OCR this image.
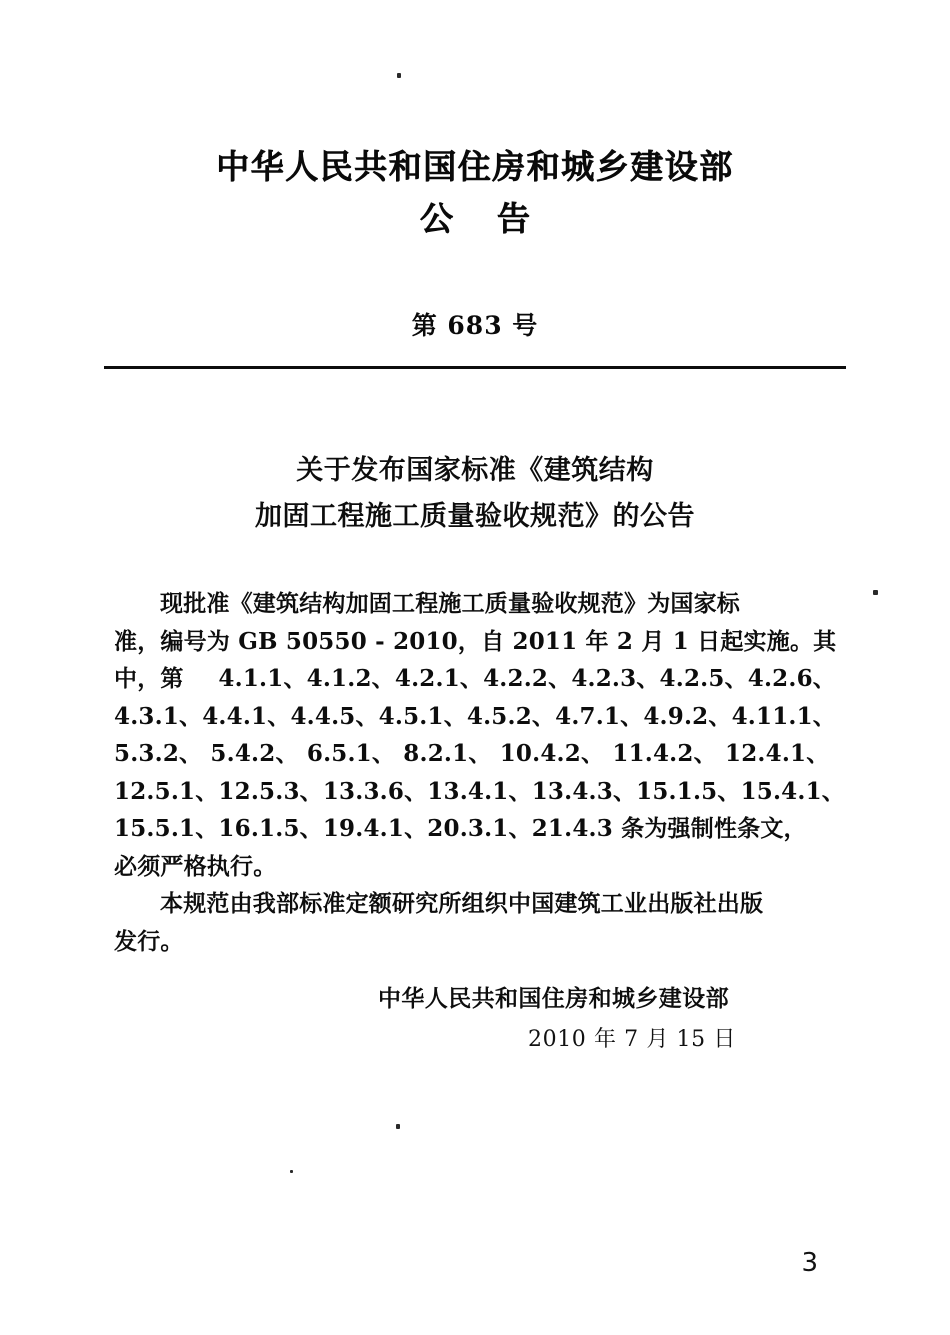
中华人民共和国住房和城乡建设部
公告
第 683 号
关于发布国家标准《建筑结构
加固工程施工质量验收规范》的公告
现批准《建筑结构加固工程施工质量验收规范》为国家标
准，编号为 GB 50550 - 2010，自 2011 年 2 月 1 日起实施。其
中，第 4.1.1、4.1.2、4.2.1、4.2.2、4.2.3、4.2.5、4.2.6、
4.3.1、4.4.1、4.4.5、4.5.1、4.5.2、4.7.1、4.9.2、4.11.1、
5.3.2、 5.4.2、 6.5.1、 8.2.1、 10.4.2、 11.4.2、 12.4.1、
12.5.1、12.5.3、13.3.6、13.4.1、13.4.3、15.1.5、15.4.1、
15.5.1、16.1.5、19.4.1、20.3.1、21.4.3 条为强制性条文，
必须严格执行。
本规范由我部标准定额研究所组织中国建筑工业出版社出版
发行。
中华人民共和国住房和城乡建设部
2010 年 7 月 15 日
3
